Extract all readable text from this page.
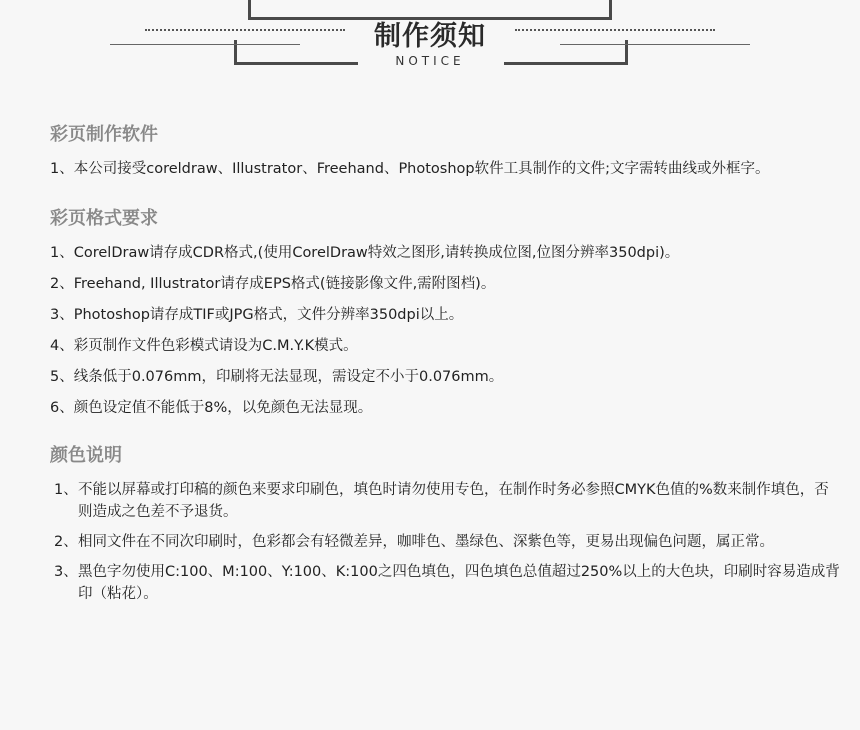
制作须知
NOTICE
彩页制作软件
1、本公司接受coreldraw、Illustrator、Freehand、Photoshop软件工具制作的文件;文字需转曲线或外框字。
彩页格式要求
1、CorelDraw请存成CDR格式,(使用CorelDraw特效之图形,请转换成位图,位图分辨率350dpi)。
2、Freehand, Illustrator请存成EPS格式(链接影像文件,需附图档)。
3、Photoshop请存成TIF或JPG格式，文件分辨率350dpi以上。
4、彩页制作文件色彩模式请设为C.M.Y.K模式。
5、线条低于0.076mm，印刷将无法显现，需设定不小于0.076mm。
6、颜色设定值不能低于8%，以免颜色无法显现。
颜色说明
1、 不能以屏幕或打印稿的颜色来要求印刷色，填色时请勿使用专色，在制作时务必参照CMYK色值的%数来制作填色，否则造成之色差不予退货。
2、 相同文件在不同次印刷时，色彩都会有轻微差异，咖啡色、墨绿色、深紫色等，更易出现偏色问题，属正常。
3、 黑色字勿使用C:100、M:100、Y:100、K:100之四色填色，四色填色总值超过250%以上的大色块，印刷时容易造成背印（粘花）。
